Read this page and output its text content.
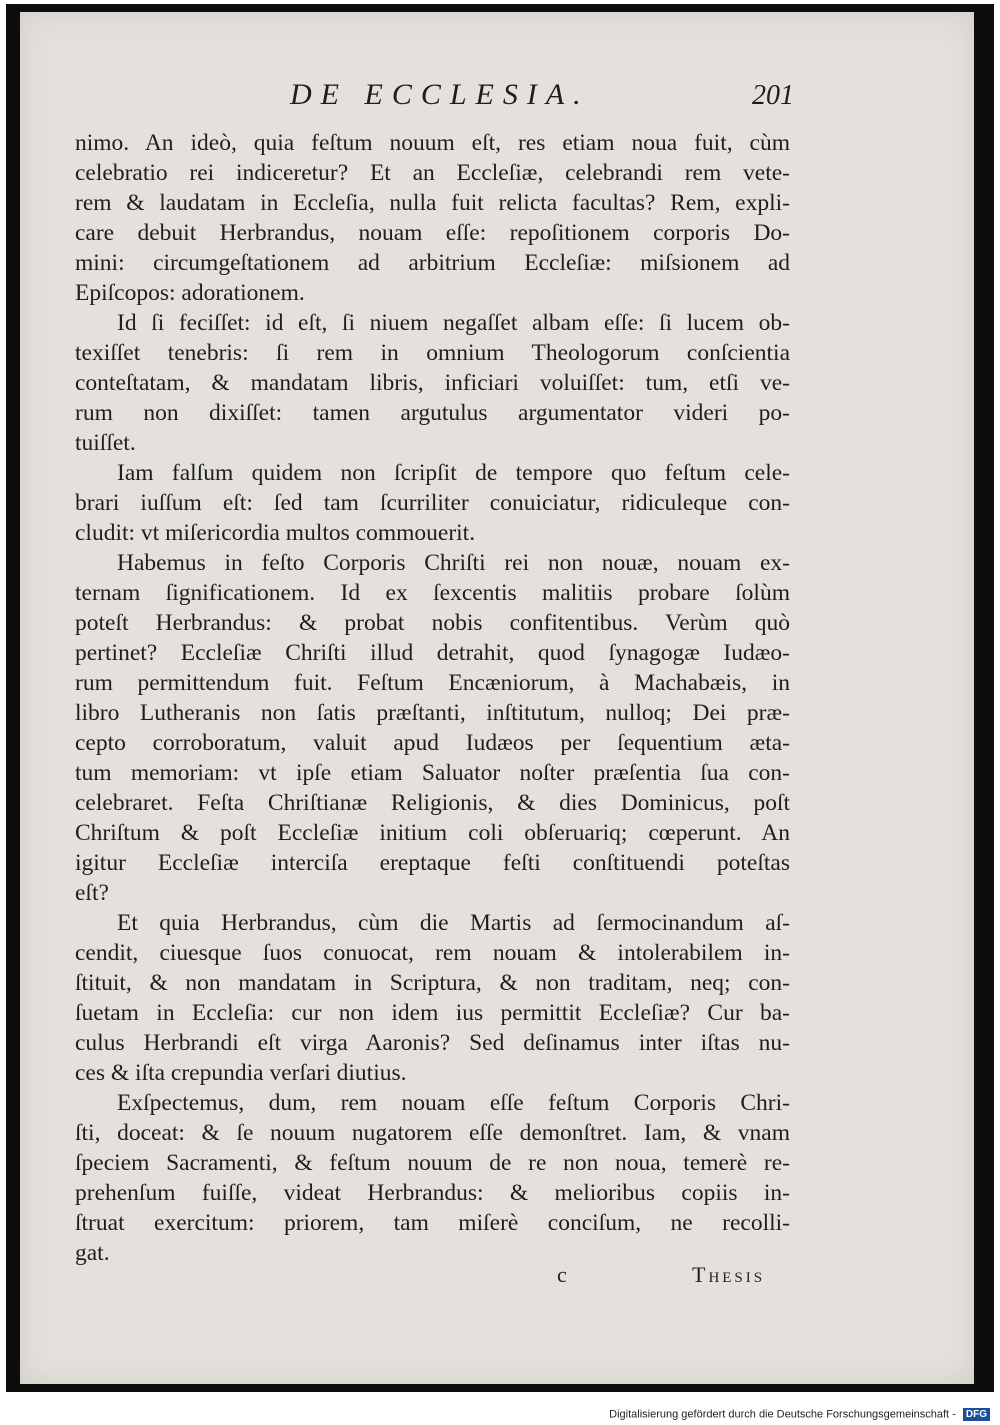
DE ECCLESIA.	201
nimo. An ideò, quia feſtum nouum eſt, res etiam noua fuit, cùm
celebratio rei indiceretur? Et an Eccleſiæ, celebrandi rem vete-
rem & laudatam in Eccleſia, nulla fuit relicta facultas? Rem, expli-
care debuit Herbrandus, nouam eſſe: repoſitionem corporis Do-
mini: circumgeſtationem ad arbitrium Eccleſiæ: miſsionem ad
Epiſcopos: adorationem.
Id ſi feciſſet: id eſt, ſi niuem negaſſet albam eſſe: ſi lucem ob-
texiſſet tenebris: ſi rem in omnium Theologorum conſcientia
conteſtatam, & mandatam libris, inficiari voluiſſet: tum, etſi ve-
rum non dixiſſet: tamen argutulus argumentator videri po-
tuiſſet.
Iam falſum quidem non ſcripſit de tempore quo feſtum cele-
brari iuſſum eſt: ſed tam ſcurriliter conuiciatur, ridiculeque con-
cludit: vt miſericordia multos commouerit.
Habemus in feſto Corporis Chriſti rei non nouæ, nouam ex-
ternam ſignificationem. Id ex ſexcentis malitiis probare ſolùm
poteſt Herbrandus: & probat nobis confitentibus. Verùm quò
pertinet? Eccleſiæ Chriſti illud detrahit, quod ſynagogæ Iudæo-
rum permittendum fuit. Feſtum Encæniorum, à Machabæis, in
libro Lutheranis non ſatis præſtanti, inſtitutum, nulloq; Dei præ-
cepto corroboratum, valuit apud Iudæos per ſequentium æta-
tum memoriam: vt ipſe etiam Saluator noſter præſentia ſua con-
celebraret. Feſta Chriſtianæ Religionis, & dies Dominicus, poſt
Chriſtum & poſt Eccleſiæ initium coli obſeruariq; cœperunt. An
igitur Eccleſiæ interciſa ereptaque feſti conſtituendi poteſtas
eſt?
Et quia Herbrandus, cùm die Martis ad ſermocinandum aſ-
cendit, ciuesque ſuos conuocat, rem nouam & intolerabilem in-
ſtituit, & non mandatam in Scriptura, & non traditam, neq; con-
ſuetam in Eccleſia: cur non idem ius permittit Eccleſiæ? Cur ba-
culus Herbrandi eſt virga Aaronis? Sed deſinamus inter iſtas nu-
ces & iſta crepundia verſari diutius.
Exſpectemus, dum, rem nouam eſſe feſtum Corporis Chri-
ſti, doceat: & ſe nouum nugatorem eſſe demonſtret. Iam, & vnam
ſpeciem Sacramenti, & feſtum nouum de re non noua, temerè re-
prehenſum fuiſſe, videat Herbrandus: & melioribus copiis in-
ſtruat exercitum: priorem, tam miſerè conciſum, ne recolli-
gat.
c	Thesis
Digitalisierung gefördert durch die Deutsche Forschungsgemeinschaft - DFG
